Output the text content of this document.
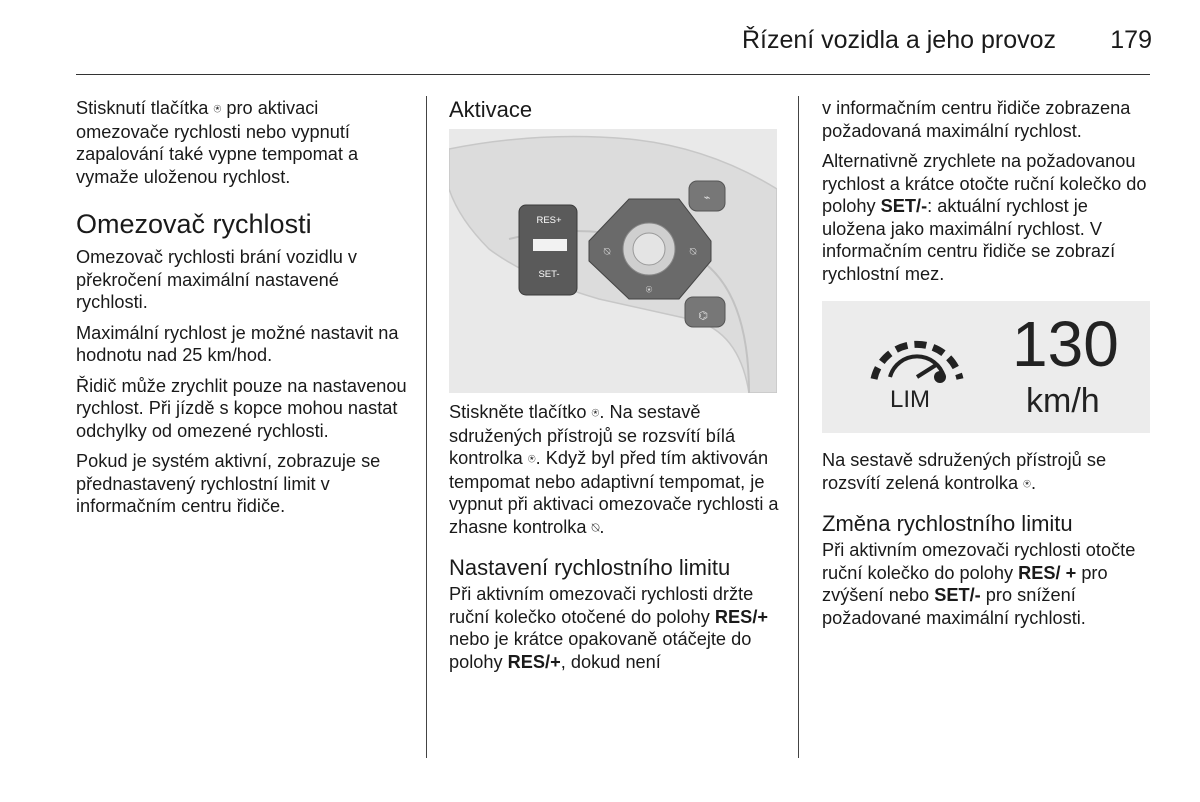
Řízení vozidla a jeho provoz 179

Stisknutí tlačítka ⍟ pro aktivaci omezovače rychlosti nebo vypnutí zapalování také vypne tempomat a vymaže uloženou rychlost.

Omezovač rychlosti

Omezovač rychlosti brání vozidlu v překročení maximální nastavené rychlosti.

Maximální rychlost je možné nastavit na hodnotu nad 25 km/hod.

Řidič může zrychlit pouze na nastavenou rychlost. Při jízdě s kopce mohou nastat odchylky od omezené rychlosti.

Pokud je systém aktivní, zobrazuje se přednastavený rychlostní limit v informačním centru řidiče.

Aktivace
RES+
SET-
⌁
⌬
⍉	⍉
⍟

Stiskněte tlačítko ⍟. Na sestavě sdružených přístrojů se rozsvítí bílá kontrolka ⍟. Když byl před tím aktivován tempomat nebo adaptivní tempomat, je vypnut při aktivaci omezovače rychlosti a zhasne kontrolka ⍉.

Nastavení rychlostního limitu

Při aktivním omezovači rychlosti držte ruční kolečko otočené do polohy RES/+ nebo je krátce opakovaně otáčejte do polohy RES/+, dokud není

v informačním centru řidiče zobrazena požadovaná maximální rychlost.

Alternativně zrychlete na požadovanou rychlost a krátce otočte ruční kolečko do polohy SET/-: aktuální rychlost je uložena jako maximální rychlost. V informačním centru řidiče se zobrazí rychlostní mez.

LIM
130
km/h

Na sestavě sdružených přístrojů se rozsvítí zelená kontrolka ⍟.

Změna rychlostního limitu

Při aktivním omezovači rychlosti otočte ruční kolečko do polohy RES/ + pro zvýšení nebo SET/- pro snížení požadované maximální rychlosti.
